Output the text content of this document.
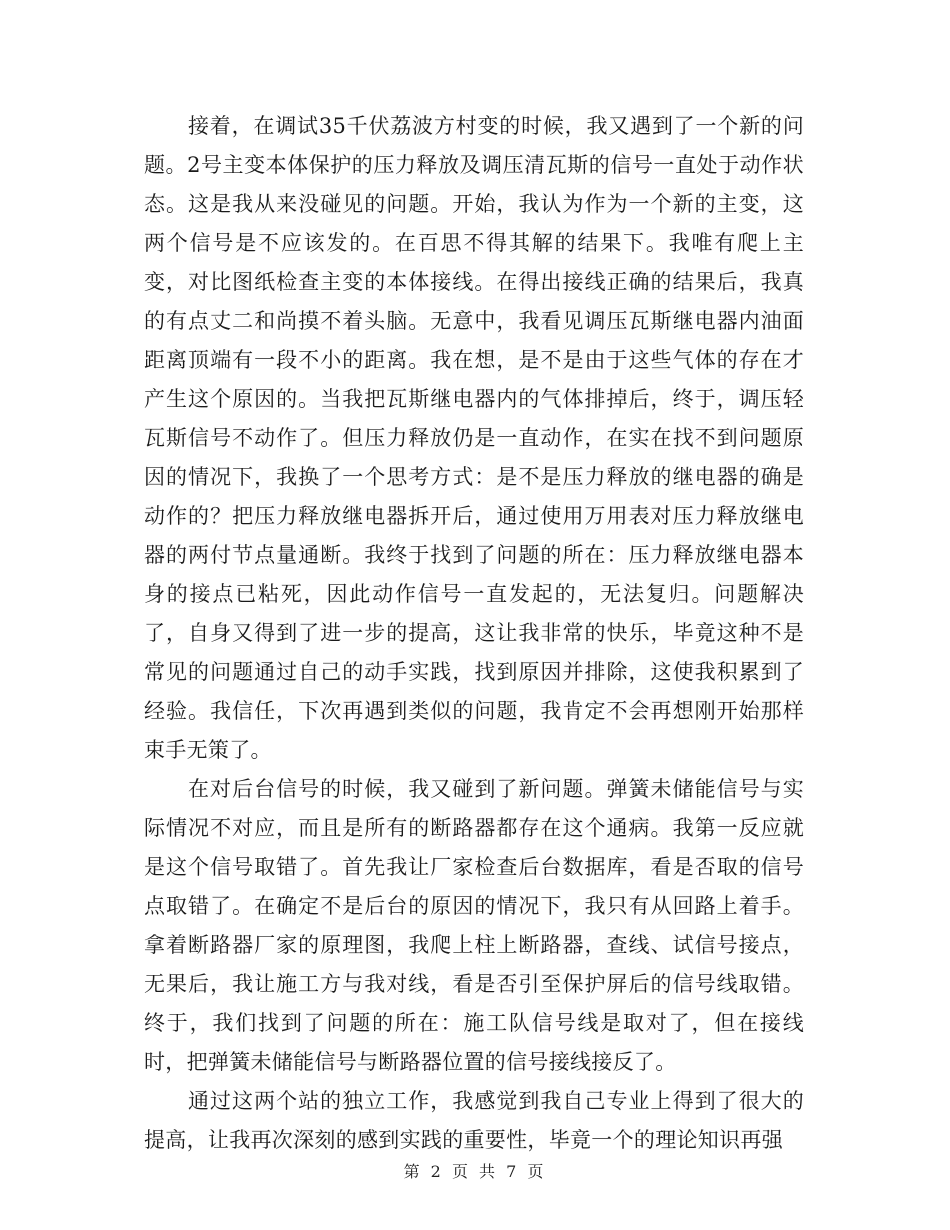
接着，在调试35千伏荔波方村变的时候，我又遇到了一个新的问题。2号主变本体保护的压力释放及调压清瓦斯的信号一直处于动作状态。这是我从来没碰见的问题。开始，我认为作为一个新的主变，这两个信号是不应该发的。在百思不得其解的结果下。我唯有爬上主变，对比图纸检查主变的本体接线。在得出接线正确的结果后，我真的有点丈二和尚摸不着头脑。无意中，我看见调压瓦斯继电器内油面距离顶端有一段不小的距离。我在想，是不是由于这些气体的存在才产生这个原因的。当我把瓦斯继电器内的气体排掉后，终于，调压轻瓦斯信号不动作了。但压力释放仍是一直动作，在实在找不到问题原因的情况下，我换了一个思考方式：是不是压力释放的继电器的确是动作的？把压力释放继电器拆开后，通过使用万用表对压力释放继电器的两付节点量通断。我终于找到了问题的所在：压力释放继电器本身的接点已粘死，因此动作信号一直发起的，无法复归。问题解决了，自身又得到了进一步的提高，这让我非常的快乐，毕竟这种不是常见的问题通过自己的动手实践，找到原因并排除，这使我积累到了经验。我信任，下次再遇到类似的问题，我肯定不会再想刚开始那样束手无策了。

在对后台信号的时候，我又碰到了新问题。弹簧未储能信号与实际情况不对应，而且是所有的断路器都存在这个通病。我第一反应就是这个信号取错了。首先我让厂家检查后台数据库，看是否取的信号点取错了。在确定不是后台的原因的情况下，我只有从回路上着手。拿着断路器厂家的原理图，我爬上柱上断路器，查线、试信号接点，无果后，我让施工方与我对线，看是否引至保护屏后的信号线取错。终于，我们找到了问题的所在：施工队信号线是取对了，但在接线时，把弹簧未储能信号与断路器位置的信号接线接反了。

通过这两个站的独立工作，我感觉到我自己专业上得到了很大的提高，让我再次深刻的感到实践的重要性，毕竟一个的理论知识再强

第 2 页 共 7 页
